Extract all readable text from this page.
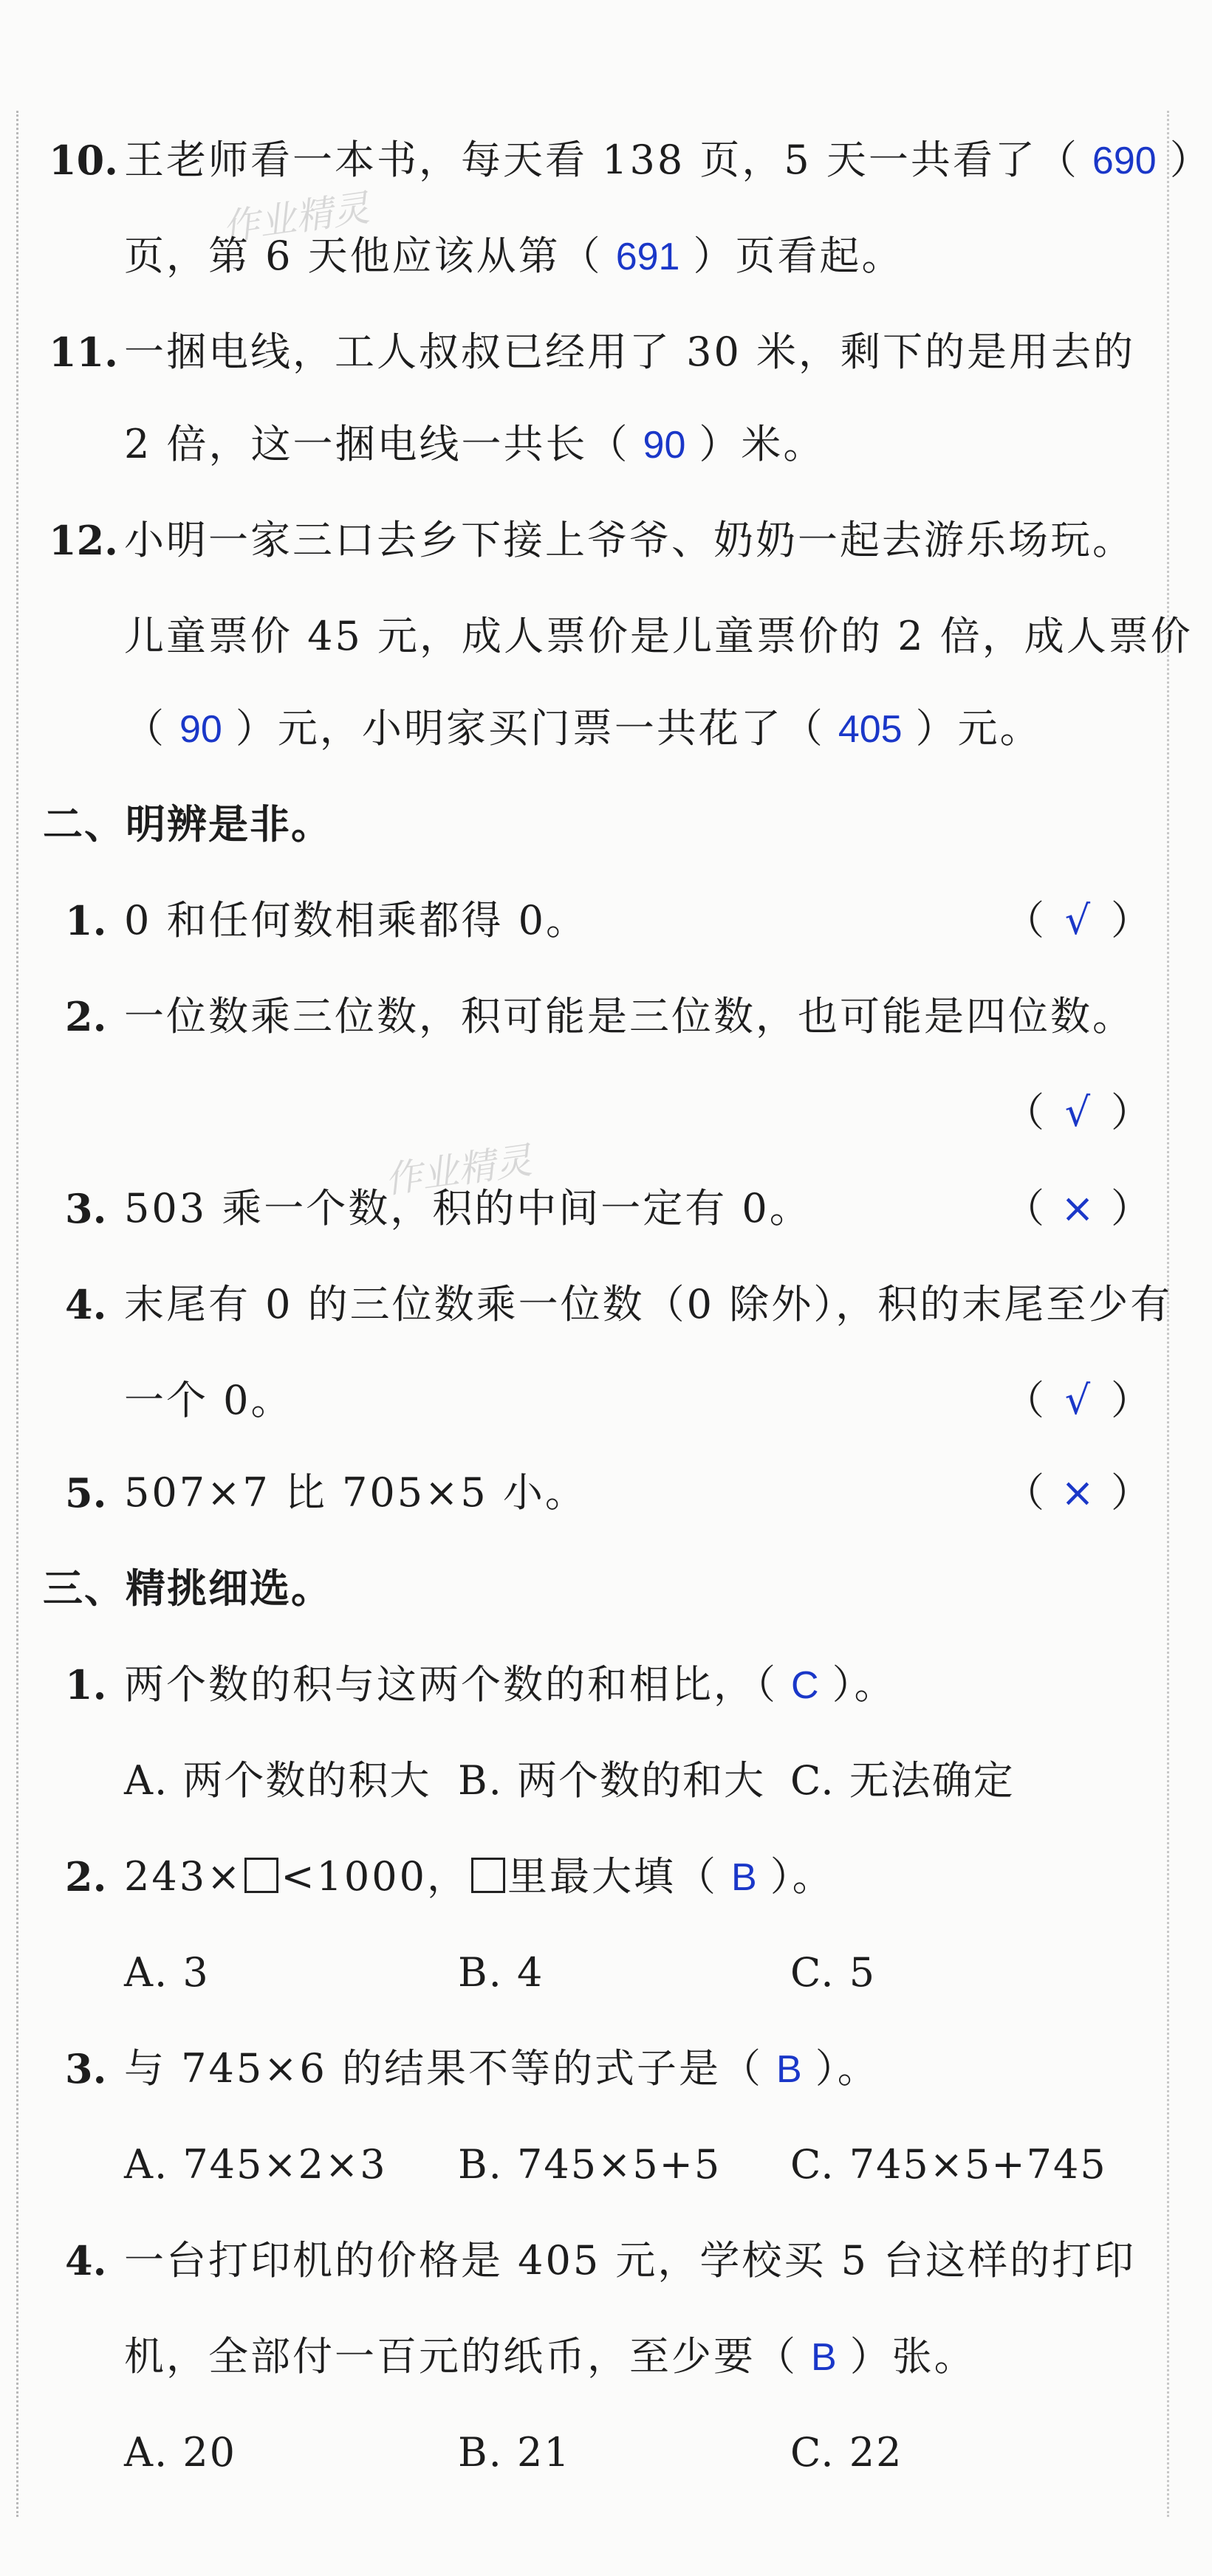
作业精灵
作业精灵
10. 王老师看一本书，每天看 138 页，5 天一共看了（ 690 ）
页，第 6 天他应该从第（ 691 ）页看起。
11. 一捆电线，工人叔叔已经用了 30 米，剩下的是用去的
2 倍，这一捆电线一共长（ 90 ）米。
12. 小明一家三口去乡下接上爷爷、奶奶一起去游乐场玩。
儿童票价 45 元，成人票价是儿童票价的 2 倍，成人票价
（ 90 ）元，小明家买门票一共花了（ 405 ）元。
二、明辨是非。
1. 0 和任何数相乘都得 0。	（ √ ）
2. 一位数乘三位数，积可能是三位数，也可能是四位数。
（ √ ）
3. 503 乘一个数，积的中间一定有 0。	（ × ）
4. 末尾有 0 的三位数乘一位数（0 除外），积的末尾至少有
一个 0。	（ √ ）
5. 507×7 比 705×5 小。	（ × ）
三、精挑细选。
1. 两个数的积与这两个数的和相比，（ C ）。
A. 两个数的积大 B. 两个数的和大 C. 无法确定
2. 243× <1000， 里最大填（ B ）。
A. 3	B. 4	C. 5
3. 与 745×6 的结果不等的式子是（ B ）。
A. 745×2×3 B. 745×5+5 C. 745×5+745
4. 一台打印机的价格是 405 元，学校买 5 台这样的打印
机，全部付一百元的纸币，至少要（ B ）张。
A. 20	B. 21	C. 22
